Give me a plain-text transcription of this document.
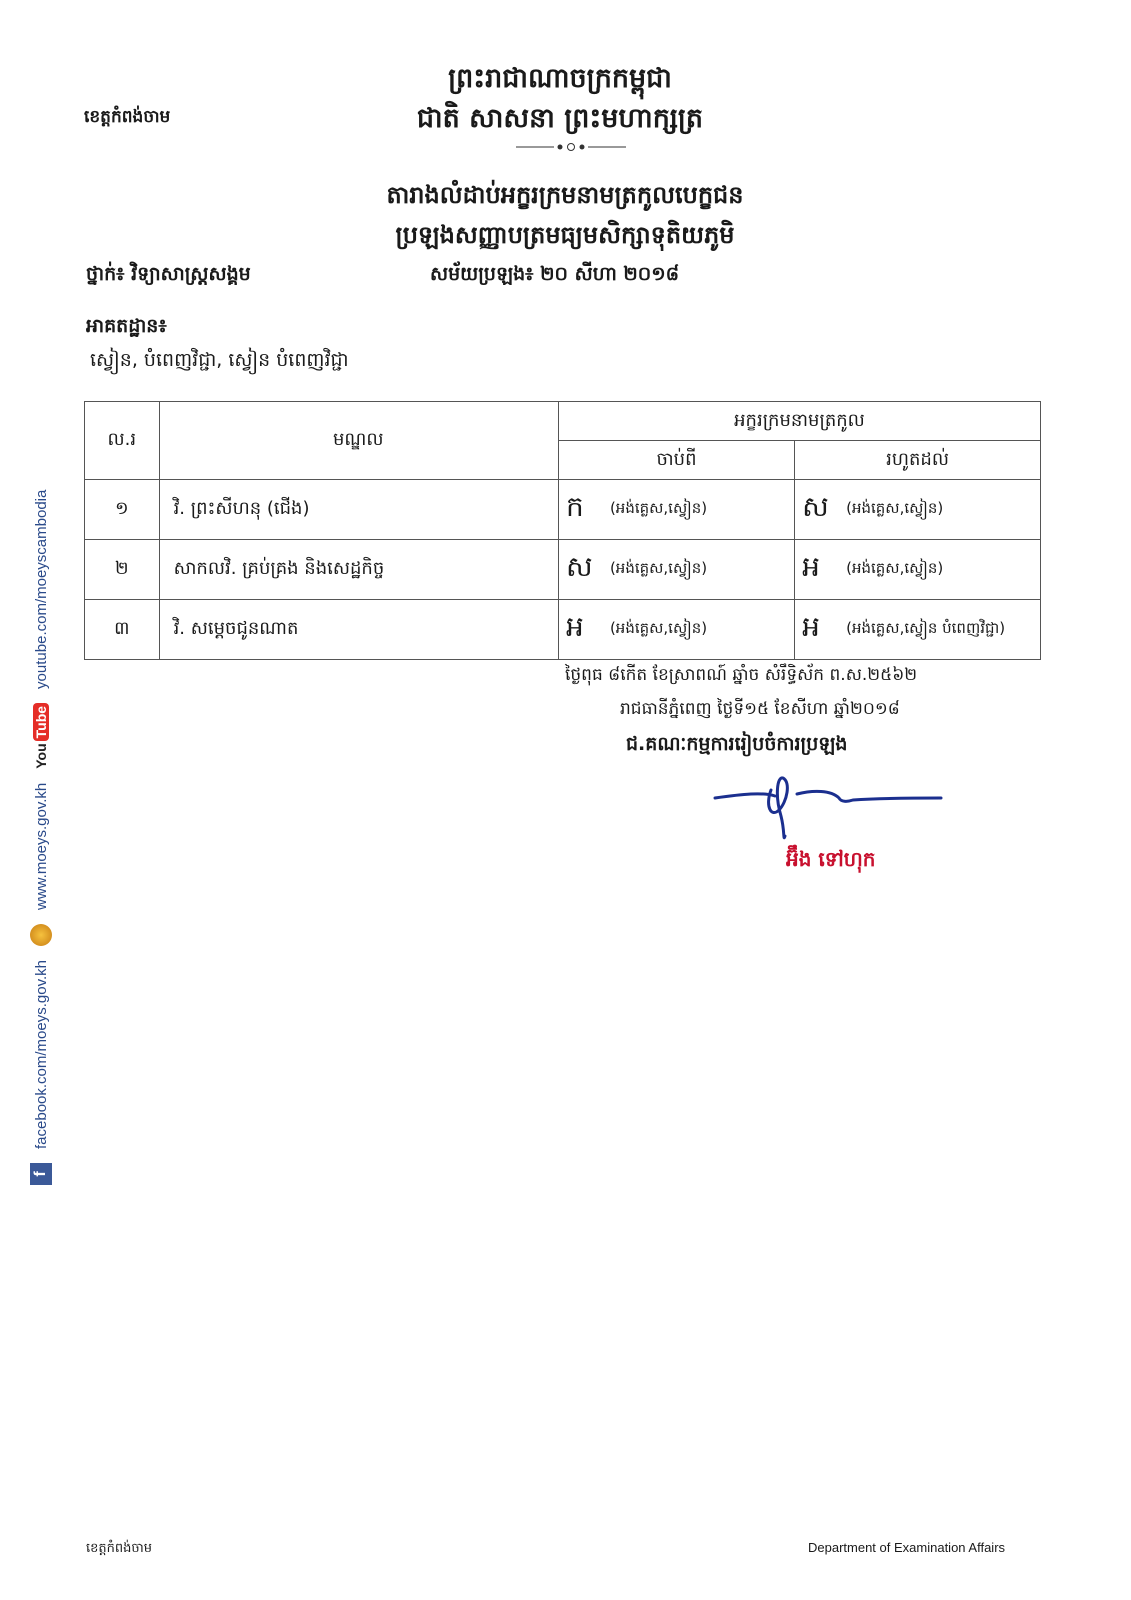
ព្រះរាជាណាចក្រកម្ពុជា
ជាតិ សាសនា ព្រះមហាក្សត្រ
ខេត្តកំពង់ចាម
តារាងលំដាប់អក្ខរក្រមនាមត្រកូលបេក្ខជន
ប្រឡងសញ្ញាបត្រមធ្យមសិក្សាទុតិយភូមិ
ថ្នាក់៖ វិទ្យាសាស្ត្រសង្គម	សម័យប្រឡង៖ ២០ សីហា ២០១៨
អាគតដ្ឋាន៖
ស្វៀន, បំពេញវិជ្ជា, ស្វៀន បំពេញវិជ្ជា
ល.រ	មណ្ឌល	អក្ខរក្រមនាមត្រកូល	
		ចាប់ពី	រហូតដល់
១	វិ. ព្រះសីហនុ (ជើង)	ក (អង់គ្លេស,ស្វៀន)	ស (អង់គ្លេស,ស្វៀន)

២	សាកលវិ. គ្រប់គ្រង និងសេដ្ឋកិច្ច	ស (អង់គ្លេស,ស្វៀន)	អ (អង់គ្លេស,ស្វៀន)

៣	វិ. សម្តេចជូនណាត	អ (អង់គ្លេស,ស្វៀន)	អ (អង់គ្លេស,ស្វៀន បំពេញវិជ្ជា)
ថ្ងៃពុធ ៨កើត ខែស្រាពណ៍ ឆ្នាំច សំរឹទ្ធិស័ក ព.ស.២៥៦២
រាជធានីភ្នំពេញ ថ្ងៃទី១៥ ខែសីហា ឆ្នាំ២០១៨
ជ.គណៈកម្មការរៀបចំការប្រឡង
អ៊ឹង ទៅហុក
f
facebook.com/moeys.gov.kh
www.moeys.gov.kh
You
Tube
youtube.com/moeyscambodia
ខេត្តកំពង់ចាម	Department of Examination Affairs
